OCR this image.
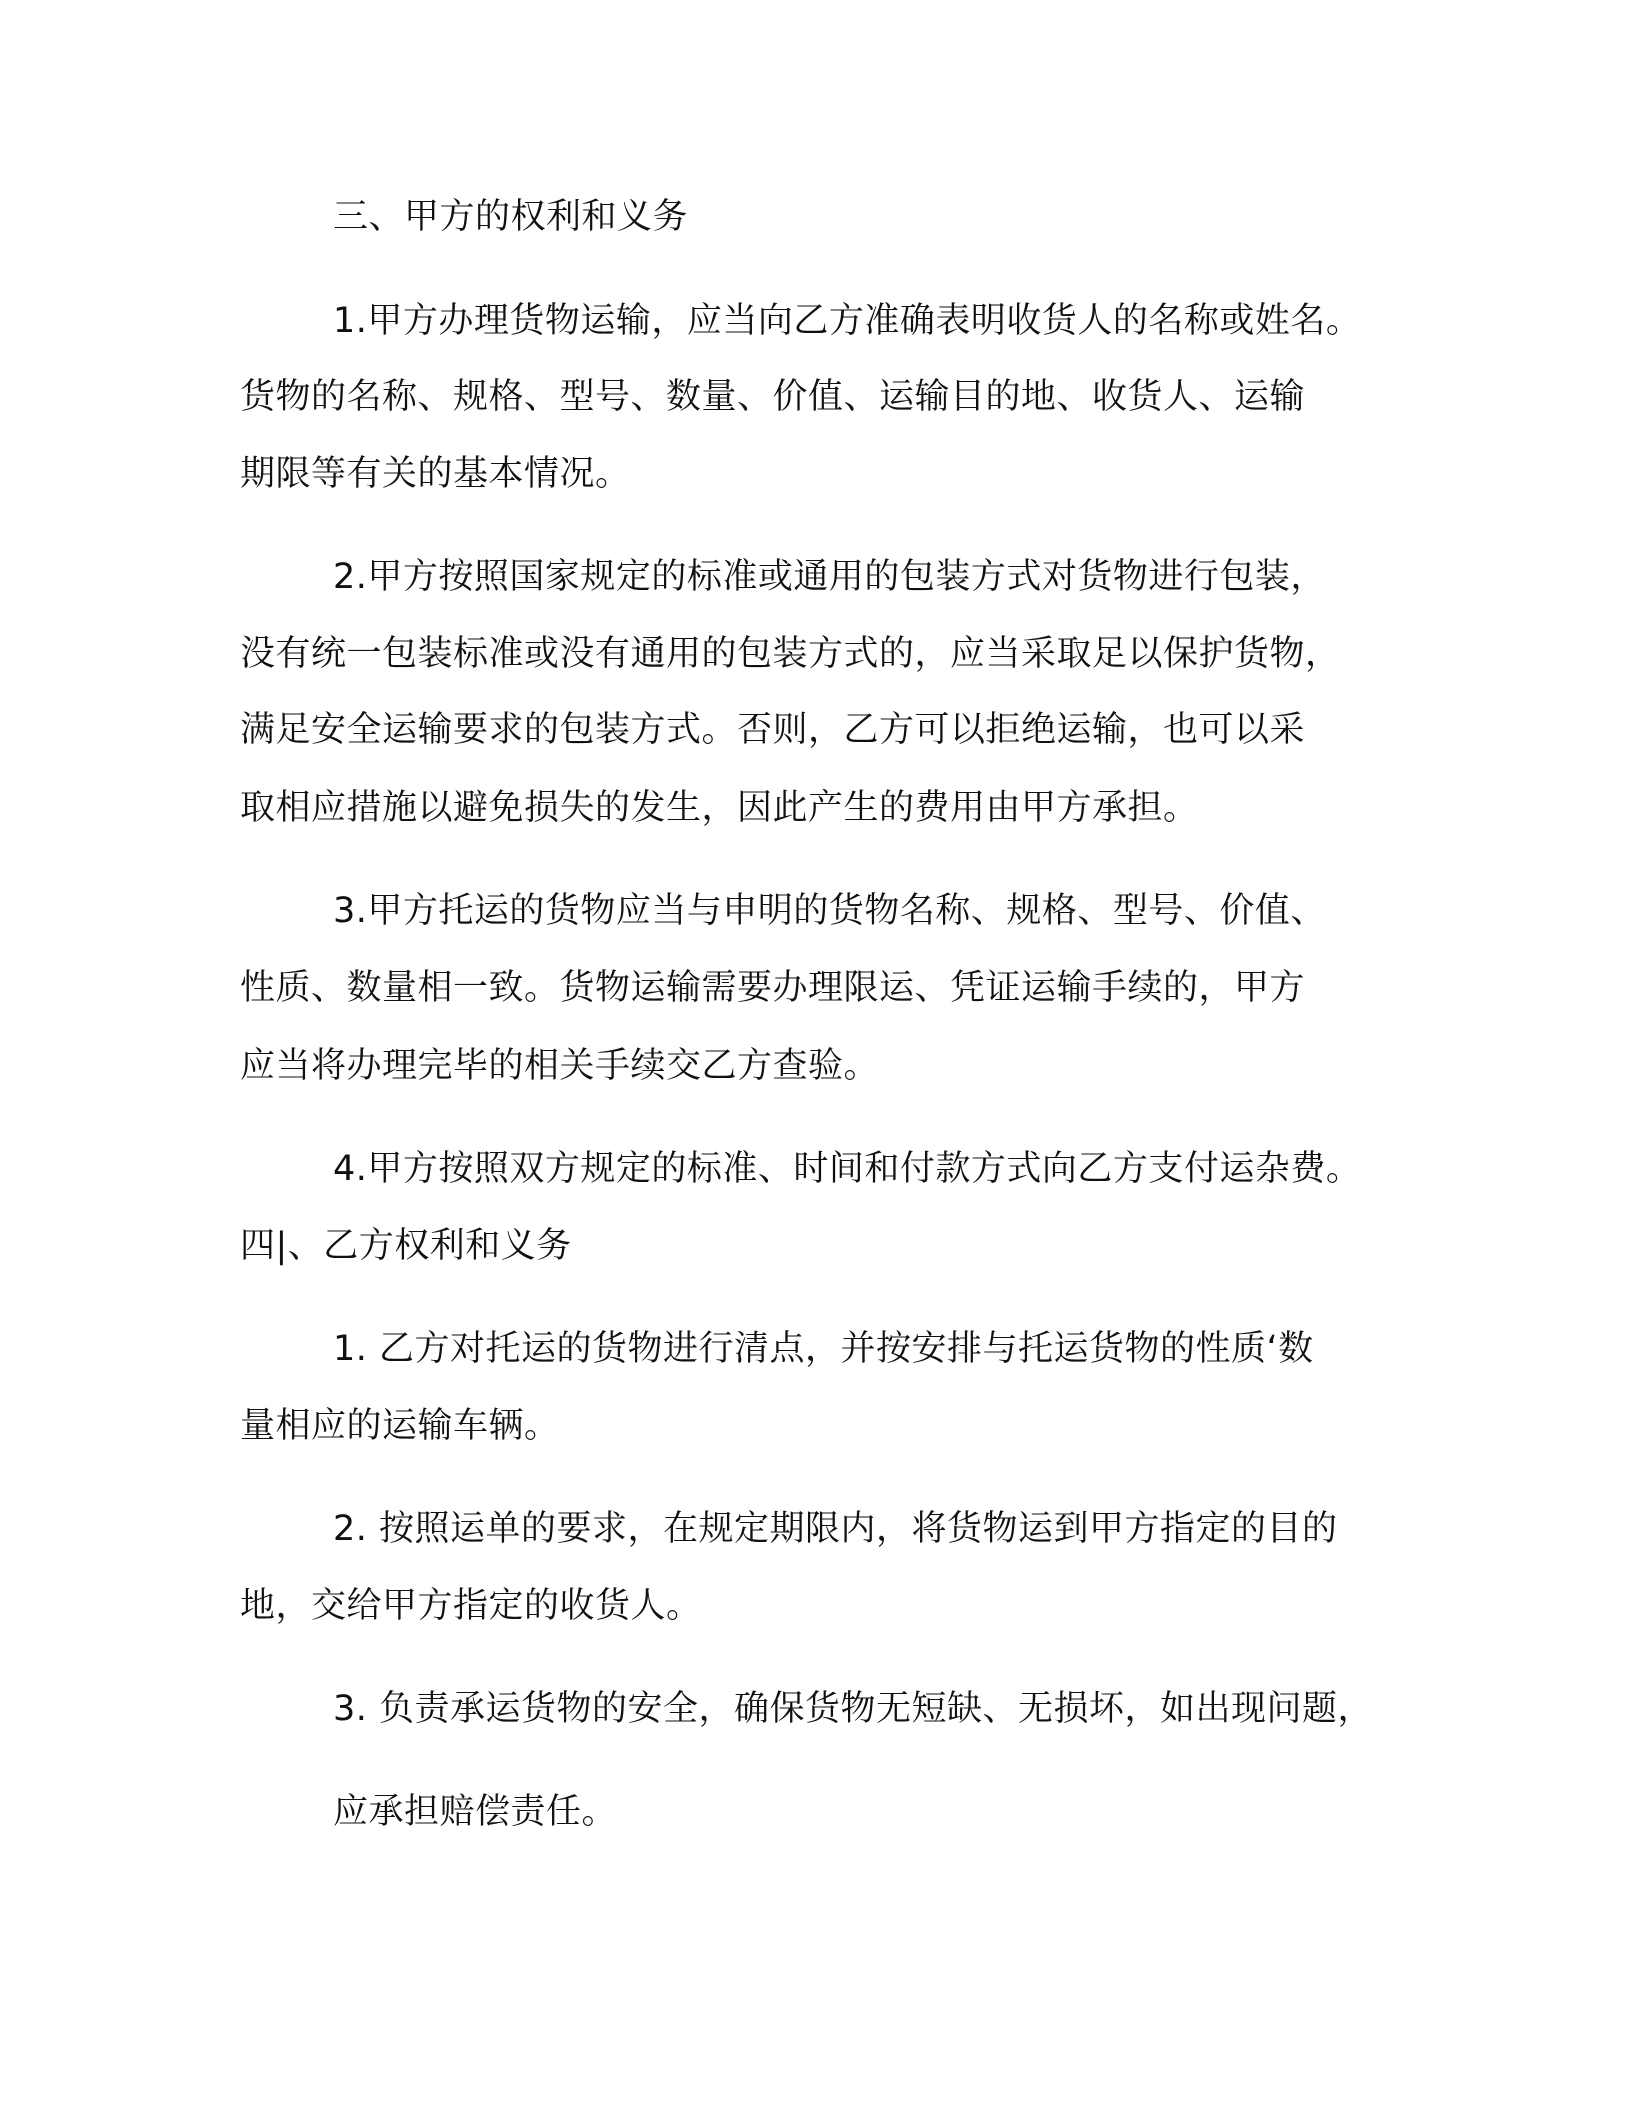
三、甲方的权利和义务
1.甲方办理货物运输，应当向乙方准确表明收货人的名称或姓名。
货物的名称、规格、型号、数量、价值、运输目的地、收货人、运输
期限等有关的基本情况。
2.甲方按照国家规定的标准或通用的包装方式对货物进行包装，
没有统一包装标准或没有通用的包装方式的，应当采取足以保护货物，
满足安全运输要求的包装方式。否则，乙方可以拒绝运输，也可以采
取相应措施以避免损失的发生，因此产生的费用由甲方承担。
3.甲方托运的货物应当与申明的货物名称、规格、型号、价值、
性质、数量相一致。货物运输需要办理限运、凭证运输手续的，甲方
应当将办理完毕的相关手续交乙方查验。
4.甲方按照双方规定的标准、时间和付款方式向乙方支付运杂费。
四|、乙方权利和义务
1. 乙方对托运的货物进行清点，并按安排与托运货物的性质‘数
量相应的运输车辆。
2. 按照运单的要求，在规定期限内，将货物运到甲方指定的目的
地，交给甲方指定的收货人。
3. 负责承运货物的安全，确保货物无短缺、无损坏，如出现问题，
应承担赔偿责任。
